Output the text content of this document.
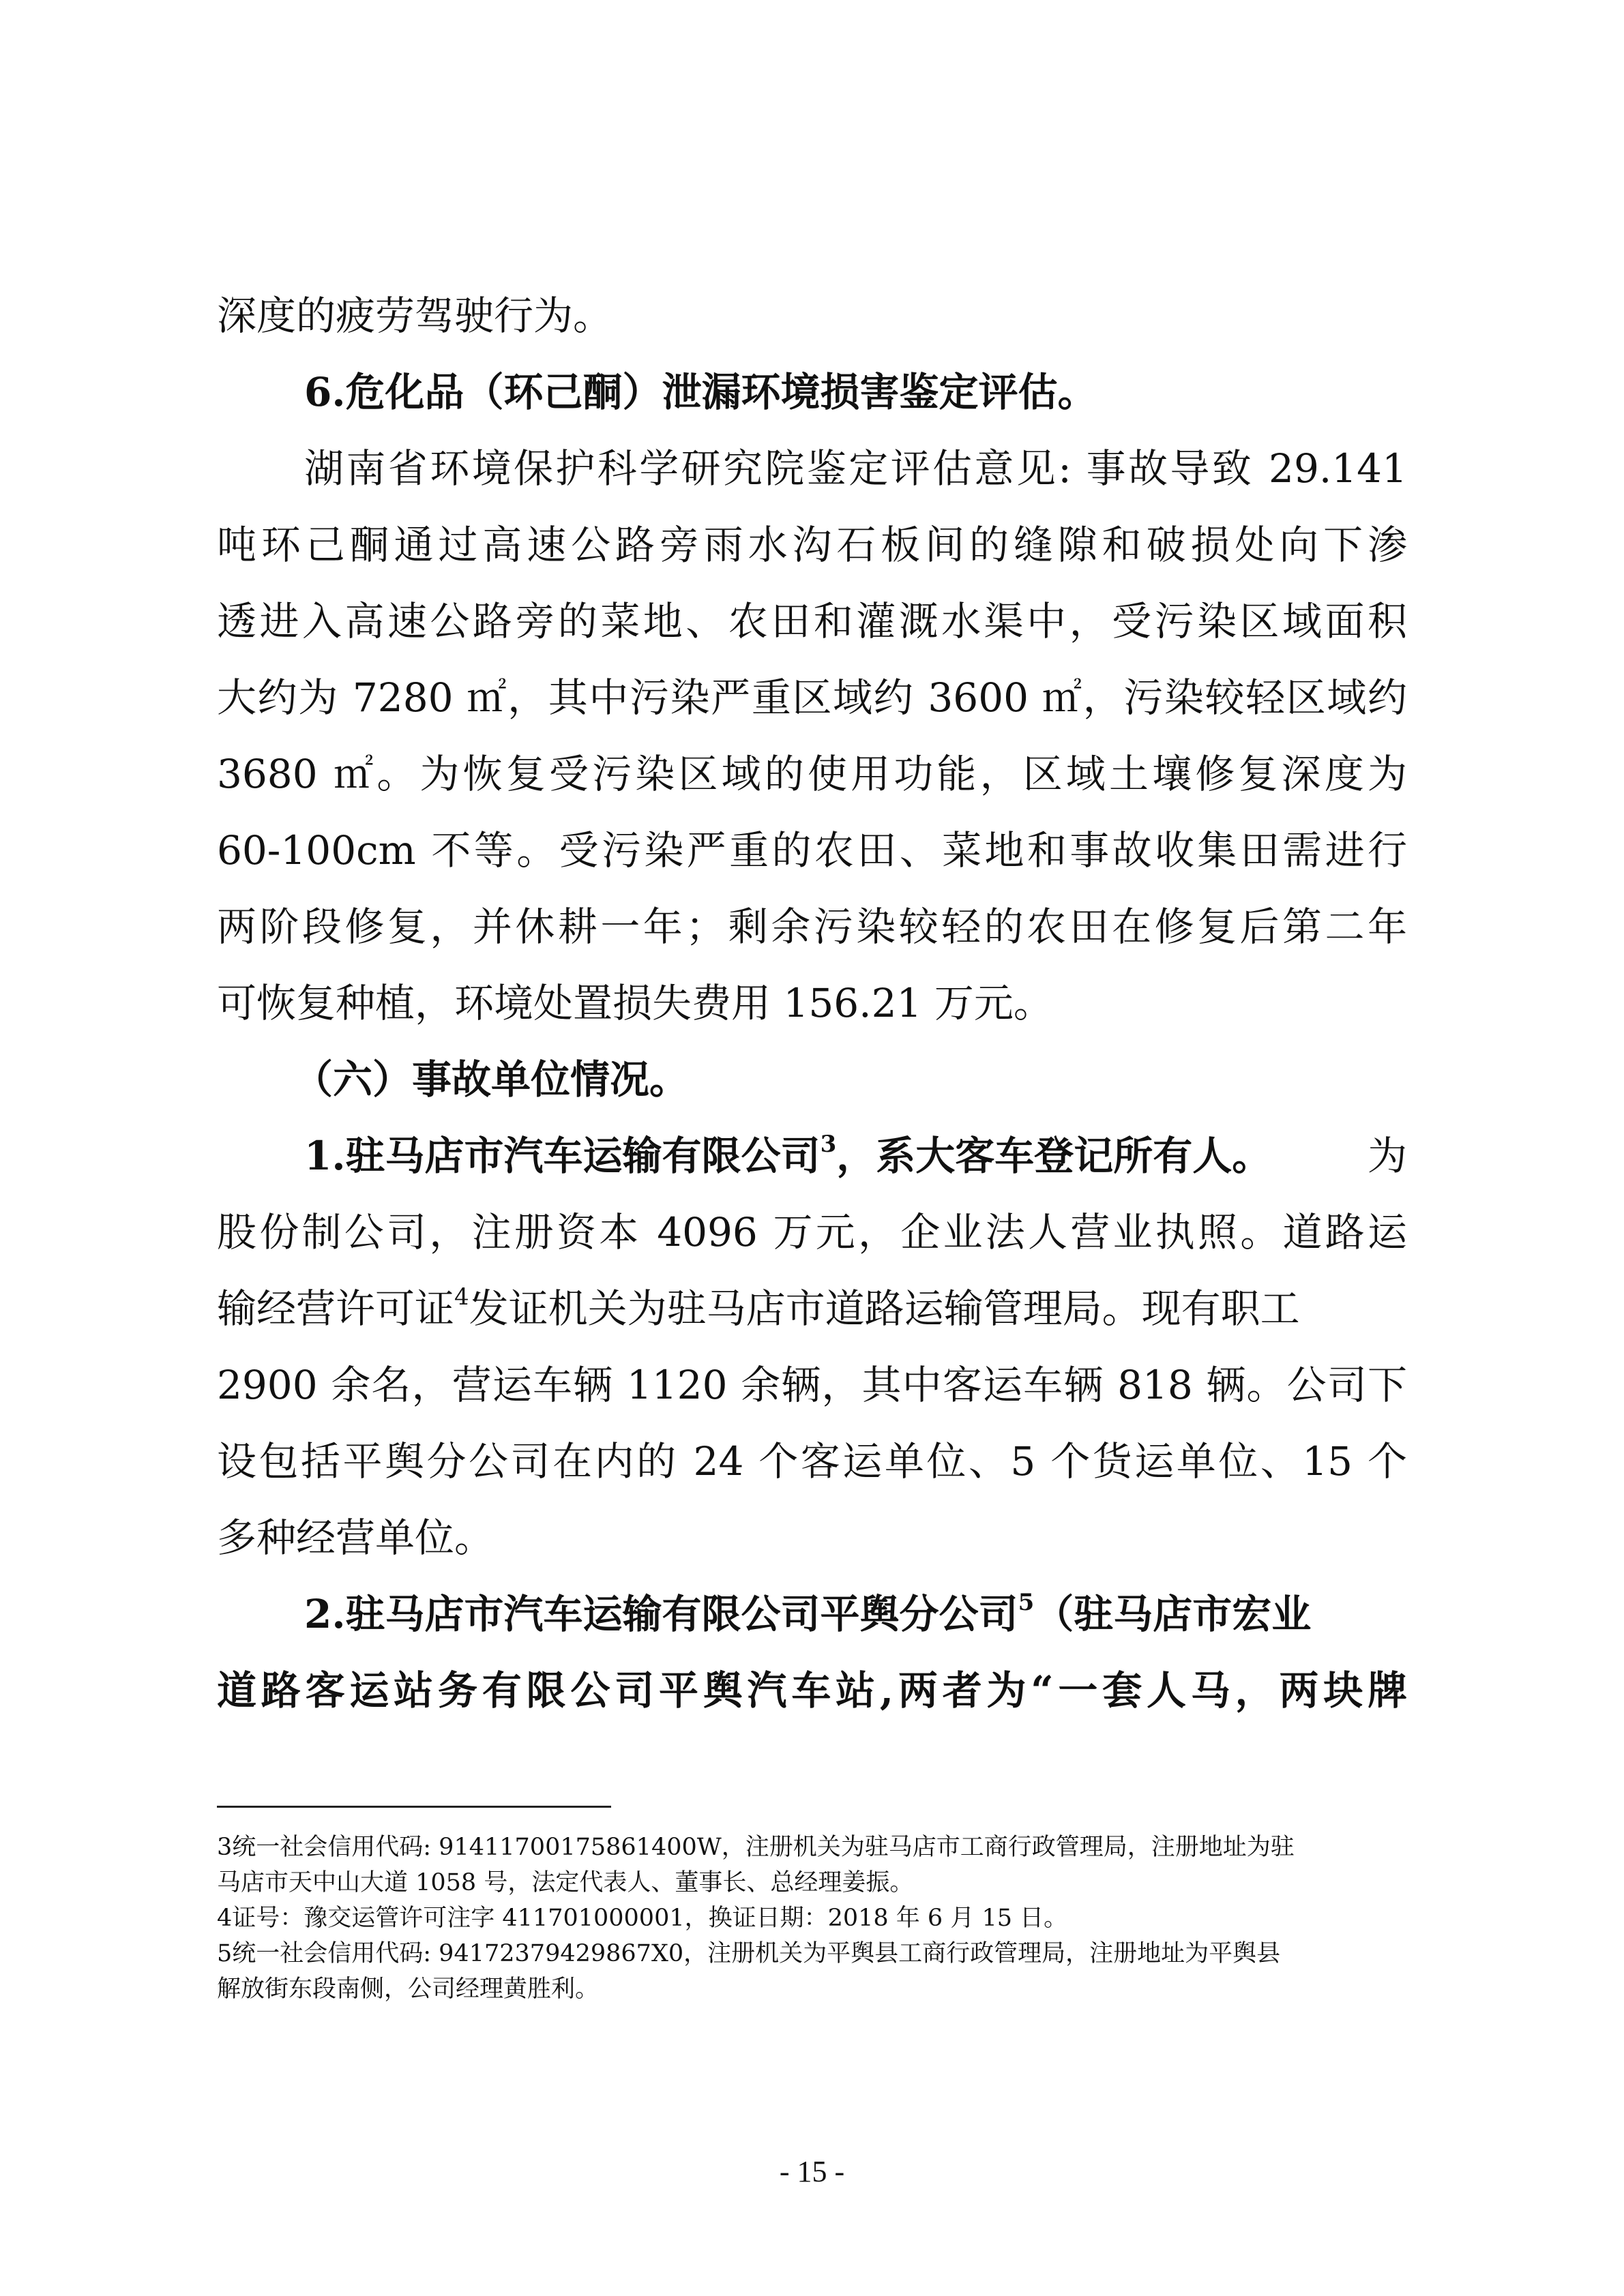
深度的疲劳驾驶行为。
6.危化品（环己酮）泄漏环境损害鉴定评估。
湖南省环境保护科学研究院鉴定评估意见: 事故导致 29.141
吨环己酮通过高速公路旁雨水沟石板间的缝隙和破损处向下渗
透进入高速公路旁的菜地、农田和灌溉水渠中，受污染区域面积
大约为 7280 ㎡，其中污染严重区域约 3600 ㎡，污染较轻区域约
3680 ㎡。为恢复受污染区域的使用功能，区域土壤修复深度为
60-100cm 不等。受污染严重的农田、菜地和事故收集田需进行
两阶段修复，并休耕一年；剩余污染较轻的农田在修复后第二年
可恢复种植，环境处置损失费用 156.21 万元。
（六）事故单位情况。
1.驻马店市汽车运输有限公司$^3$，系大客车登记所有人。 为
股份制公司，注册资本 4096 万元，企业法人营业执照。道路运
输经营许可证$^4$发证机关为驻马店市道路运输管理局。现有职工
2900 余名，营运车辆 1120 余辆，其中客运车辆 818 辆。公司下
设包括平舆分公司在内的 24 个客运单位、5 个货运单位、15 个
多种经营单位。
2.驻马店市汽车运输有限公司平舆分公司$^5$（驻马店市宏业
道路客运站务有限公司平舆汽车站,两者为“一套人马，两块牌
3统一社会信用代码: 91411700175861400W，注册机关为驻马店市工商行政管理局，注册地址为驻
马店市天中山大道 1058 号，法定代表人、董事长、总经理姜振。
4证号：豫交运管许可注字 411701000001，换证日期：2018 年 6 月 15 日。
5统一社会信用代码: 94172379429867X0，注册机关为平舆县工商行政管理局，注册地址为平舆县
解放街东段南侧，公司经理黄胜利。
- 15 -
